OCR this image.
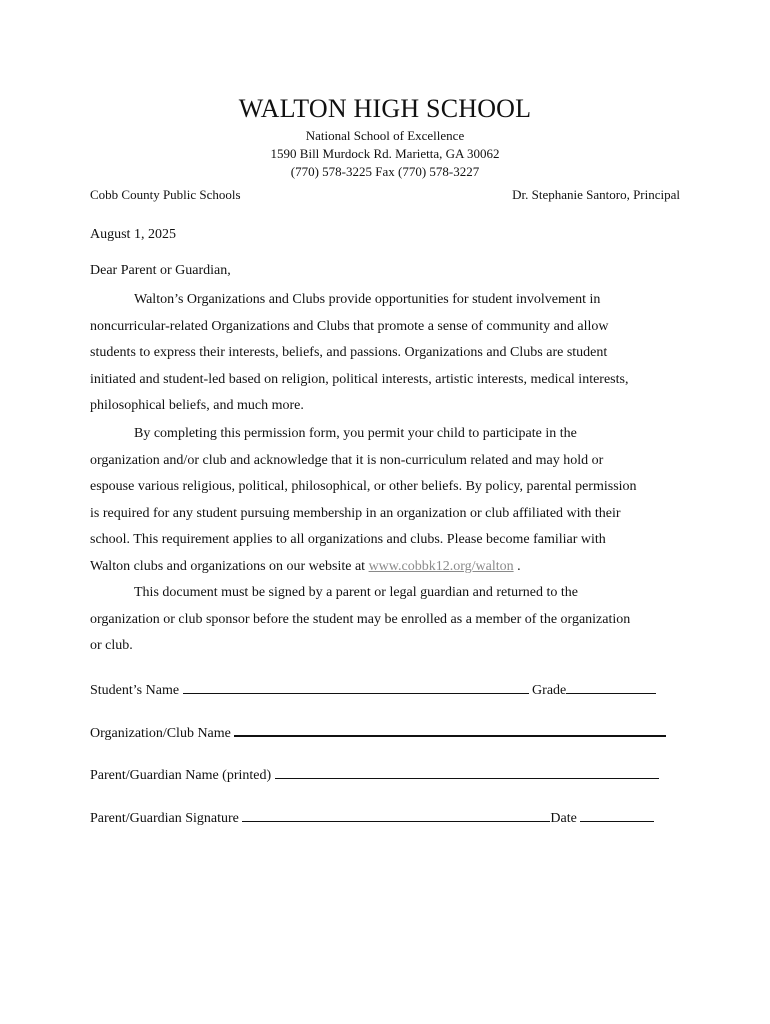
WALTON HIGH SCHOOL
National School of Excellence
1590 Bill Murdock Rd. Marietta, GA 30062
(770) 578-3225 Fax (770) 578-3227
Cobb County Public Schools	Dr. Stephanie Santoro, Principal
August 1, 2025
Dear Parent or Guardian,
Walton’s Organizations and Clubs provide opportunities for student involvement in
noncurricular-related Organizations and Clubs that promote a sense of community and allow
students to express their interests, beliefs, and passions. Organizations and Clubs are student
initiated and student-led based on religion, political interests, artistic interests, medical interests,
philosophical beliefs, and much more.
By completing this permission form, you permit your child to participate in the
organization and/or club and acknowledge that it is non-curriculum related and may hold or
espouse various religious, political, philosophical, or other beliefs. By policy, parental permission
is required for any student pursuing membership in an organization or club affiliated with their
school. This requirement applies to all organizations and clubs. Please become familiar with
Walton clubs and organizations on our website at www.cobbk12.org/walton .
This document must be signed by a parent or legal guardian and returned to the
organization or club sponsor before the student may be enrolled as a member of the organization
or club.
Student’s Name	Grade
Organization/Club Name
Parent/Guardian Name (printed)
Parent/Guardian Signature	Date
